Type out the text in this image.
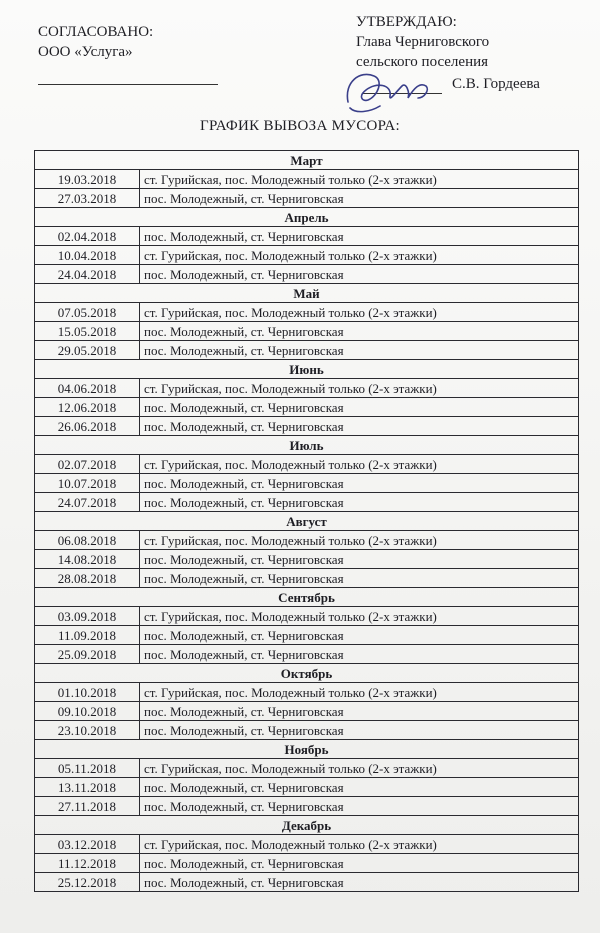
СОГЛАСОВАНО:
ООО «Услуга»
УТВЕРЖДАЮ:
Глава Черниговского
сельского поселения
С.В. Гордеева
ГРАФИК ВЫВОЗА МУСОРА:
Март	
19.03.2018	ст. Гурийская, пос. Молодежный только (2-х этажки)
27.03.2018	пос. Молодежный, ст. Черниговская
Апрель	
02.04.2018	пос. Молодежный, ст. Черниговская
10.04.2018	ст. Гурийская, пос. Молодежный только (2-х этажки)
24.04.2018	пос. Молодежный, ст. Черниговская
Май	
07.05.2018	ст. Гурийская, пос. Молодежный только (2-х этажки)
15.05.2018	пос. Молодежный, ст. Черниговская
29.05.2018	пос. Молодежный, ст. Черниговская
Июнь	
04.06.2018	ст. Гурийская, пос. Молодежный только (2-х этажки)
12.06.2018	пос. Молодежный, ст. Черниговская
26.06.2018	пос. Молодежный, ст. Черниговская
Июль	
02.07.2018	ст. Гурийская, пос. Молодежный только (2-х этажки)
10.07.2018	пос. Молодежный, ст. Черниговская
24.07.2018	пос. Молодежный, ст. Черниговская
Август	
06.08.2018	ст. Гурийская, пос. Молодежный только (2-х этажки)
14.08.2018	пос. Молодежный, ст. Черниговская
28.08.2018	пос. Молодежный, ст. Черниговская
Сентябрь	
03.09.2018	ст. Гурийская, пос. Молодежный только (2-х этажки)
11.09.2018	пос. Молодежный, ст. Черниговская
25.09.2018	пос. Молодежный, ст. Черниговская
Октябрь	
01.10.2018	ст. Гурийская, пос. Молодежный только (2-х этажки)
09.10.2018	пос. Молодежный, ст. Черниговская
23.10.2018	пос. Молодежный, ст. Черниговская
Ноябрь	
05.11.2018	ст. Гурийская, пос. Молодежный только (2-х этажки)
13.11.2018	пос. Молодежный, ст. Черниговская
27.11.2018	пос. Молодежный, ст. Черниговская
Декабрь	
03.12.2018	ст. Гурийская, пос. Молодежный только (2-х этажки)
11.12.2018	пос. Молодежный, ст. Черниговская
25.12.2018	пос. Молодежный, ст. Черниговская
